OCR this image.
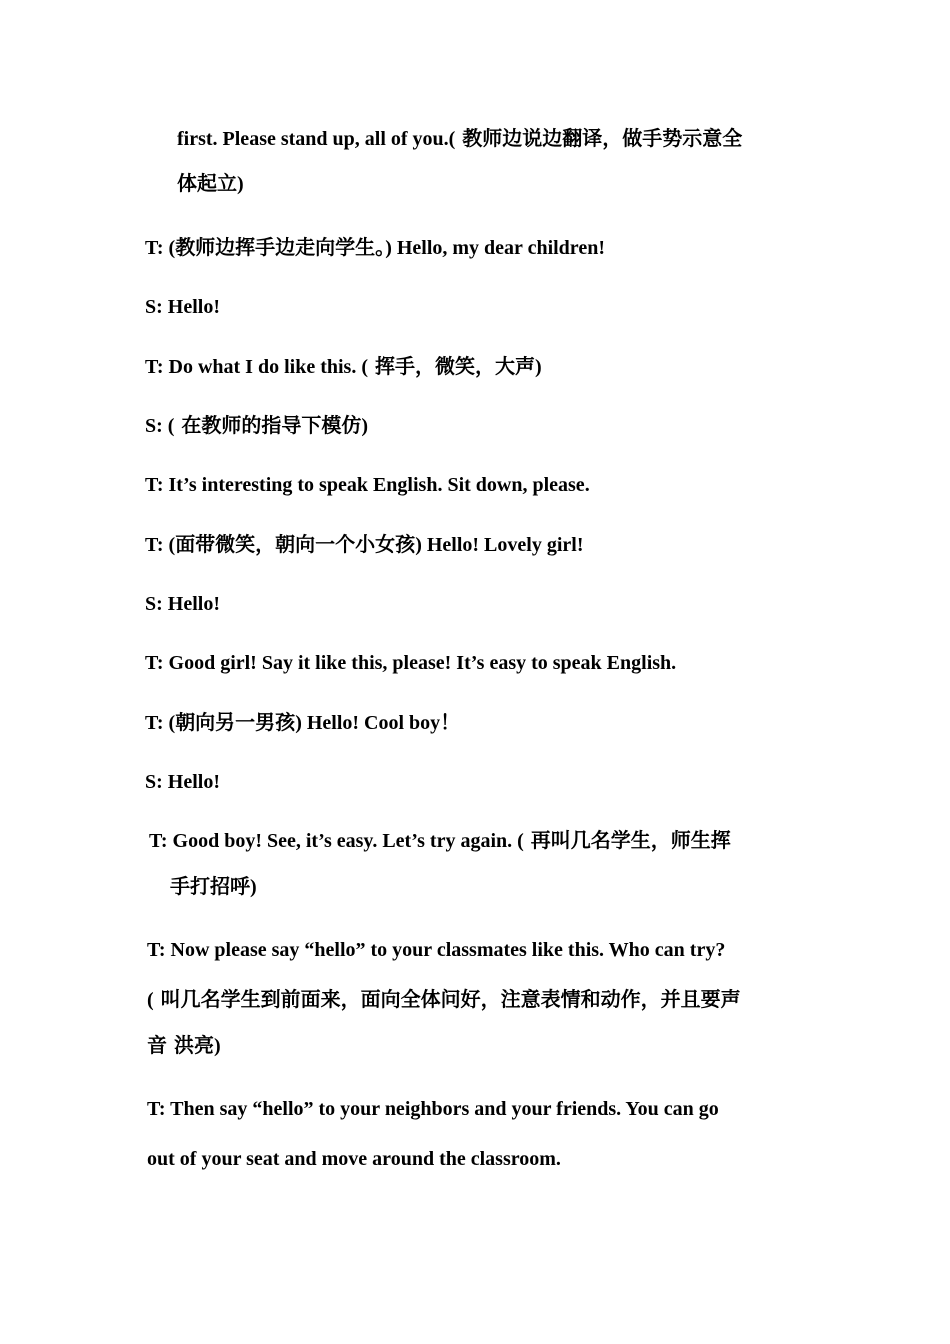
first. Please stand up, all of you.( 教师边说边翻译，做手势示意全
体起立)
T: (教师边挥手边走向学生。) Hello, my dear children!
S: Hello!
T: Do what I do like this. ( 挥手，微笑，大声)
S: ( 在教师的指导下模仿)
T: It’s interesting to speak English. Sit down, please.
T: (面带微笑，朝向一个小女孩) Hello! Lovely girl!
S: Hello!
T: Good girl! Say it like this, please! It’s easy to speak English.
T: (朝向另一男孩) Hello! Cool boy！
S: Hello!
T: Good boy! See, it’s easy. Let’s try again. ( 再叫几名学生，师生挥
手打招呼)
T: Now please say “hello” to your classmates like this. Who can try?
( 叫几名学生到前面来，面向全体问好，注意表情和动作，并且要声
音 洪亮)
T: Then say “hello” to your neighbors and your friends. You can go
out of your seat and move around the classroom.
